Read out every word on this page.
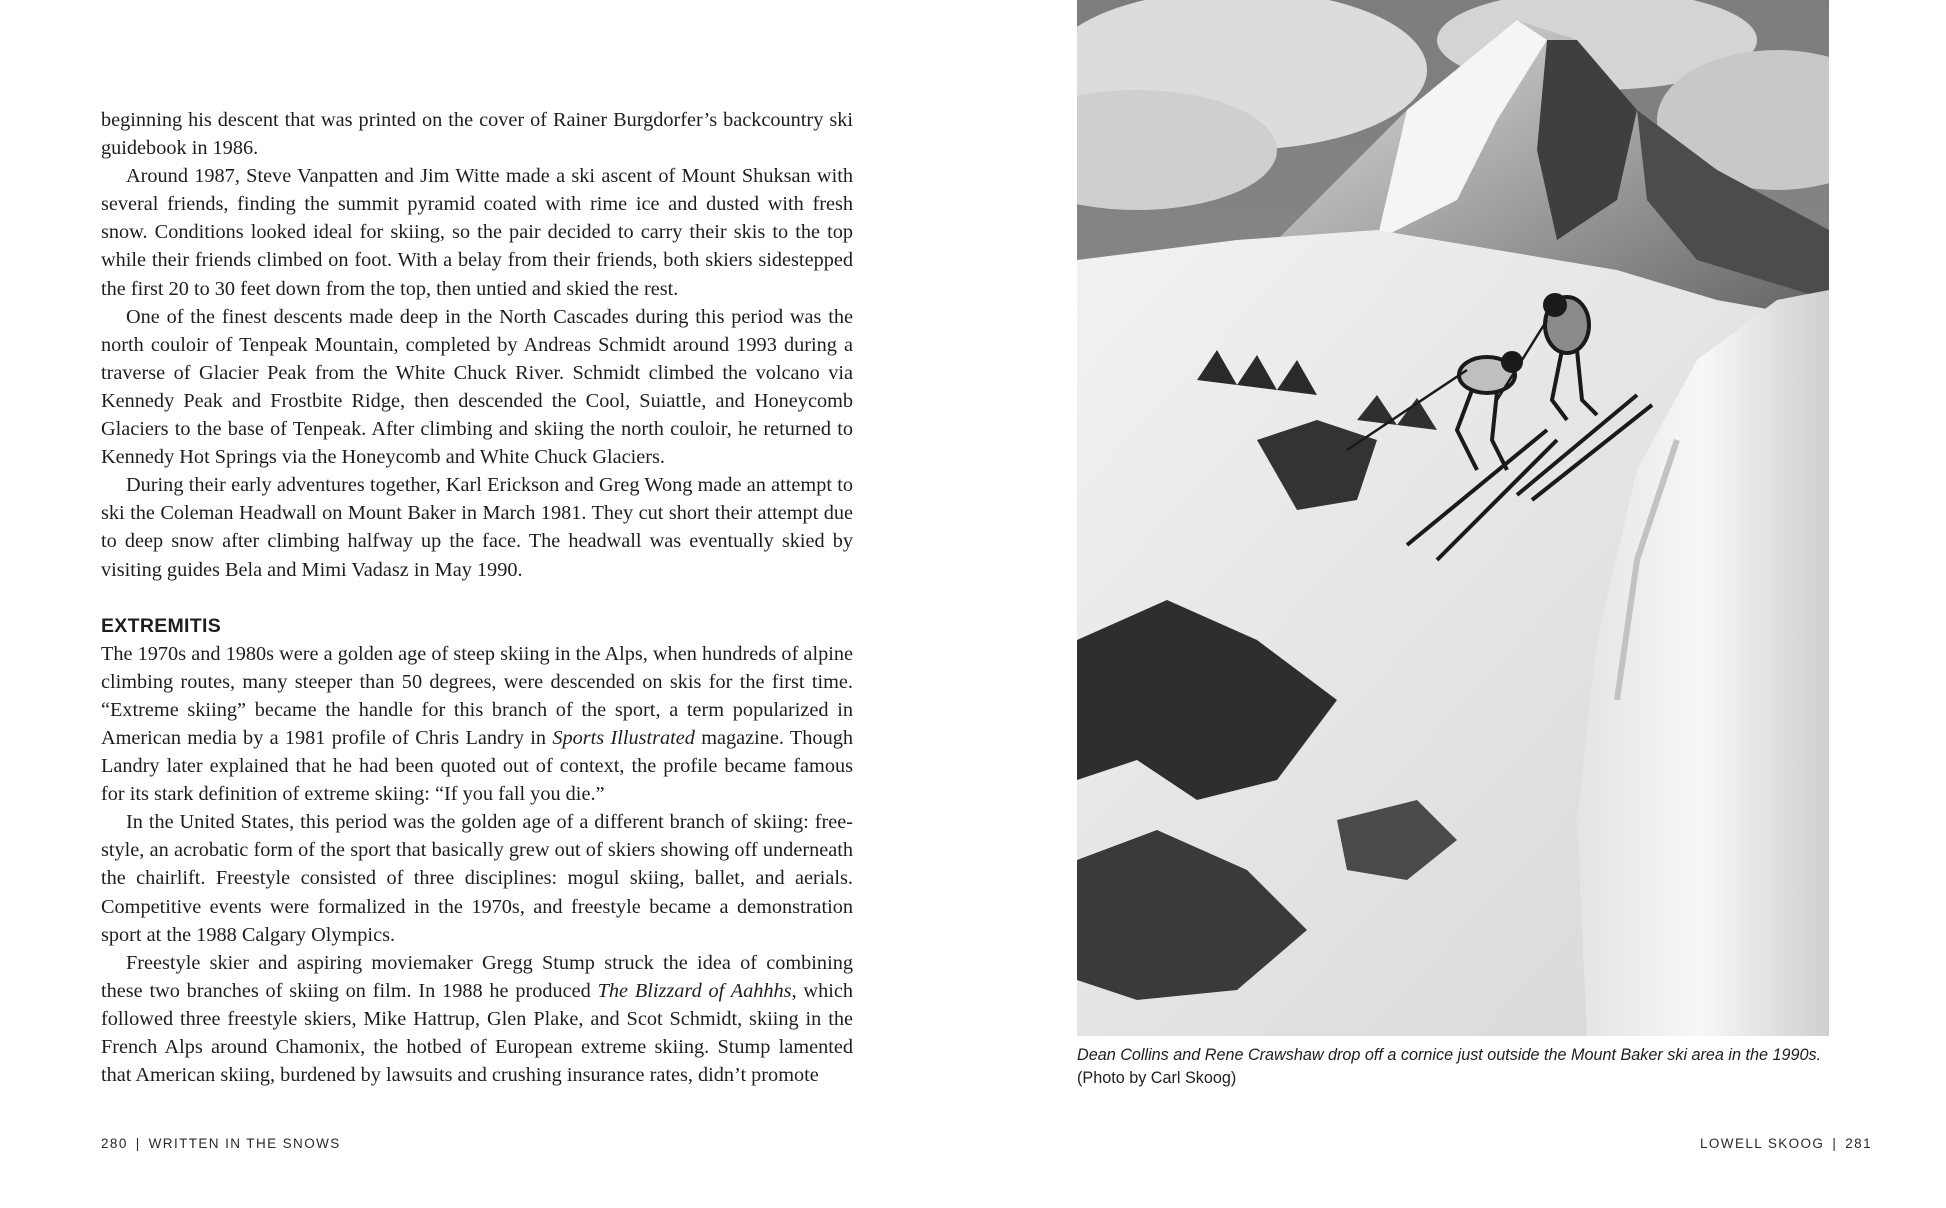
beginning his descent that was printed on the cover of Rainer Burgdorfer’s backcountry ski guidebook in 1986.

Around 1987, Steve Vanpatten and Jim Witte made a ski ascent of Mount Shuksan with several friends, finding the summit pyramid coated with rime ice and dusted with fresh snow. Conditions looked ideal for skiing, so the pair decided to carry their skis to the top while their friends climbed on foot. With a belay from their friends, both skiers sidestepped the first 20 to 30 feet down from the top, then untied and skied the rest.

One of the finest descents made deep in the North Cascades during this period was the north couloir of Tenpeak Mountain, completed by Andreas Schmidt around 1993 during a traverse of Glacier Peak from the White Chuck River. Schmidt climbed the volcano via Kennedy Peak and Frostbite Ridge, then descended the Cool, Suiattle, and Honeycomb Glaciers to the base of Tenpeak. After climbing and skiing the north couloir, he returned to Kennedy Hot Springs via the Honeycomb and White Chuck Glaciers.

During their early adventures together, Karl Erickson and Greg Wong made an attempt to ski the Coleman Headwall on Mount Baker in March 1981. They cut short their attempt due to deep snow after climbing halfway up the face. The headwall was eventually skied by visiting guides Bela and Mimi Vadasz in May 1990.

EXTREMITIS

The 1970s and 1980s were a golden age of steep skiing in the Alps, when hundreds of alpine climbing routes, many steeper than 50 degrees, were descended on skis for the first time. “Extreme skiing” became the handle for this branch of the sport, a term popularized in American media by a 1981 profile of Chris Landry in Sports Illustrated magazine. Though Landry later explained that he had been quoted out of context, the profile became famous for its stark definition of extreme skiing: “If you fall you die.”

In the United States, this period was the golden age of a different branch of skiing: freestyle, an acrobatic form of the sport that basically grew out of skiers showing off underneath the chairlift. Freestyle consisted of three disciplines: mogul skiing, ballet, and aerials. Competitive events were formalized in the 1970s, and freestyle became a demonstration sport at the 1988 Calgary Olympics.

Freestyle skier and aspiring moviemaker Gregg Stump struck the idea of combining these two branches of skiing on film. In 1988 he produced The Blizzard of Aahhhs, which followed three freestyle skiers, Mike Hattrup, Glen Plake, and Scot Schmidt, skiing in the French Alps around Chamonix, the hotbed of European extreme skiing. Stump lamented that American skiing, burdened by lawsuits and crushing insurance rates, didn’t promote

280 | WRITTEN IN THE SNOWS
Dean Collins and Rene Crawshaw drop off a cornice just outside the Mount Baker ski area in the 1990s. (Photo by Carl Skoog)
LOWELL SKOOG | 281
